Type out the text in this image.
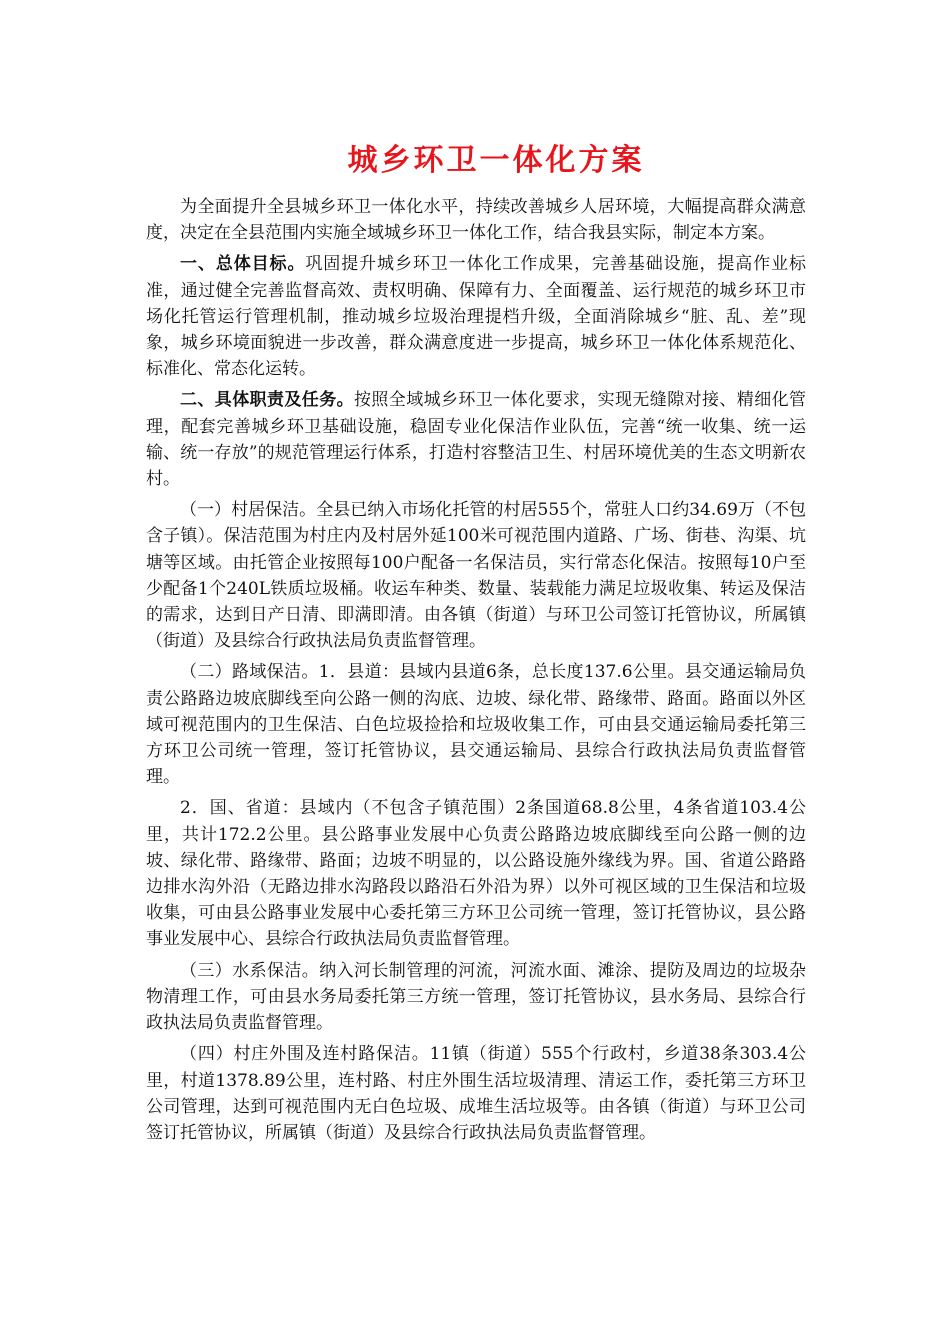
城乡环卫一体化方案

为全面提升全县城乡环卫一体化水平，持续改善城乡人居环境，大幅提高群众满意度，决定在全县范围内实施全域城乡环卫一体化工作，结合我县实际，制定本方案。

一、总体目标。巩固提升城乡环卫一体化工作成果，完善基础设施，提高作业标准，通过健全完善监督高效、责权明确、保障有力、全面覆盖、运行规范的城乡环卫市场化托管运行管理机制，推动城乡垃圾治理提档升级，全面消除城乡“脏、乱、差”现象，城乡环境面貌进一步改善，群众满意度进一步提高，城乡环卫一体化体系规范化、标准化、常态化运转。

二、具体职责及任务。按照全域城乡环卫一体化要求，实现无缝隙对接、精细化管理，配套完善城乡环卫基础设施，稳固专业化保洁作业队伍，完善“统一收集、统一运输、统一存放”的规范管理运行体系，打造村容整洁卫生、村居环境优美的生态文明新农村。

（一）村居保洁。全县已纳入市场化托管的村居555个，常驻人口约34.69万（不包含子镇）。保洁范围为村庄内及村居外延100米可视范围内道路、广场、街巷、沟渠、坑塘等区域。由托管企业按照每100户配备一名保洁员，实行常态化保洁。按照每10户至少配备1个240L铁质垃圾桶。收运车种类、数量、装载能力满足垃圾收集、转运及保洁的需求，达到日产日清、即满即清。由各镇（街道）与环卫公司签订托管协议，所属镇（街道）及县综合行政执法局负责监督管理。

（二）路域保洁。1．县道：县域内县道6条，总长度137.6公里。县交通运输局负责公路路边坡底脚线至向公路一侧的沟底、边坡、绿化带、路缘带、路面。路面以外区域可视范围内的卫生保洁、白色垃圾捡拾和垃圾收集工作，可由县交通运输局委托第三方环卫公司统一管理，签订托管协议，县交通运输局、县综合行政执法局负责监督管理。

2．国、省道：县域内（不包含子镇范围）2条国道68.8公里，4条省道103.4公里，共计172.2公里。县公路事业发展中心负责公路路边坡底脚线至向公路一侧的边坡、绿化带、路缘带、路面；边坡不明显的，以公路设施外缘线为界。国、省道公路路边排水沟外沿（无路边排水沟路段以路沿石外沿为界）以外可视区域的卫生保洁和垃圾收集，可由县公路事业发展中心委托第三方环卫公司统一管理，签订托管协议，县公路事业发展中心、县综合行政执法局负责监督管理。

（三）水系保洁。纳入河长制管理的河流，河流水面、滩涂、提防及周边的垃圾杂物清理工作，可由县水务局委托第三方统一管理，签订托管协议，县水务局、县综合行政执法局负责监督管理。

（四）村庄外围及连村路保洁。11镇（街道）555个行政村，乡道38条303.4公里，村道1378.89公里，连村路、村庄外围生活垃圾清理、清运工作，委托第三方环卫公司管理，达到可视范围内无白色垃圾、成堆生活垃圾等。由各镇（街道）与环卫公司签订托管协议，所属镇（街道）及县综合行政执法局负责监督管理。
